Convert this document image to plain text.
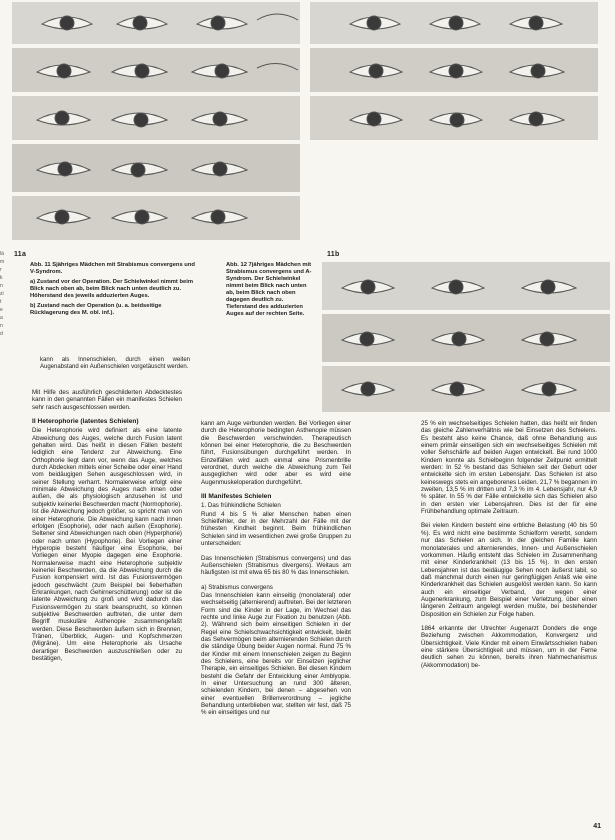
lä
m
r
k
n
zi
t
e
a
n
d
11a	11b

Abb. 11 Sjähriges Mädchen mit Strabismus convergens und V-Syndrom.

a) Zustand vor der Operation. Der Schielwinkel nimmt beim Blick nach oben ab, beim Blick nach unten deutlich zu. Höherstand des jeweils adduzierten Auges.

b) Zustand nach der Operation (u. a. beidseitige Rücklagerung des M. obl. inf.).

Abb. 12 7jähriges Mädchen mit Strabismus convergens und A-Syndrom. Der Schielwinkel nimmt beim Blick nach unten ab, beim Blick nach oben dagegen deutlich zu. Tieferstand des adduzierten Auges auf der rechten Seite.

kann als Innenschielen, durch einen weiten Augenabstand ein Außenschielen vorgetäuscht werden.

Mit Hilfe des ausführlich geschilderten Abdecktestes kann in den genannten Fällen ein manifestes Schielen sehr rasch ausgeschlossen werden.

II Heterophorie (latentes Schielen)

Die Heterophorie wird definiert als eine latente Abweichung des Auges, welche durch Fusion latent gehalten wird. Das heißt in diesen Fällen besteht lediglich eine Tendenz zur Abweichung. Eine Orthophorie liegt dann vor, wenn das Auge, welches durch Abdecken mittels einer Scheibe oder einer Hand vom beidäugigen Sehen ausgeschlossen wird, in seiner Stellung verharrt. Normalerweise erfolgt eine minimale Abweichung des Auges nach innen oder außen, die als physiologisch anzusehen ist und subjektiv keinerlei Beschwerden macht (Normophorie). Ist die Abweichung jedoch größer, so spricht man von einer Heterophorie. Die Abweichung kann nach innen erfolgen (Esophorie), oder nach außen (Exophorie). Seltener sind Abweichungen nach oben (Hyperphorie) oder nach unten (Hypophorie). Bei Vorliegen einer Hyperopie besteht häufiger eine Esophorie, bei Vorliegen einer Myopie dagegen eine Exophorie. Normalerweise macht eine Heterophorie subjektiv keinerlei Beschwerden, da die Abweichung durch die Fusion kompensiert wird. Ist das Fusionsvermögen jedoch geschwächt (zum Beispiel bei fieberhaften Erkrankungen, nach Gehirnerschütterung) oder ist die latente Abweichung zu groß und wird dadurch das Fusionsvermögen zu stark beansprucht, so können subjektive Beschwerden auftreten, die unter dem Begriff muskuläre Asthenopie zusammengefaßt werden. Diese Beschwerden äußern sich in Brennen, Tränen, Überblick, Augen- und Kopfschmerzen (Migräne). Um eine Heterophorie als Ursache derartiger Beschwerden auszuschließen oder zu bestätigen,

kann am Auge verbunden werden. Bei Vorliegen einer durch die Heterophorie bedingten Asthenopie müssen die Beschwerden verschwinden. Therapeutisch können bei einer Heterophorie, die zu Beschwerden führt, Fusionsübungen durchgeführt werden. In Einzelfällen wird auch einmal eine Prismenbrille verordnet, durch welche die Abweichung zum Teil ausgeglichen wird oder aber es wird eine Augenmuskeloperation durchgeführt.

III Manifestes Schielen
1. Das frühkindliche Schielen

Rund 4 bis 5 % aller Menschen haben einen Schielfehler, der in der Mehrzahl der Fälle mit der frühesten Kindheit beginnt. Beim frühkindlichen Schielen sind im wesentlichen zwei große Gruppen zu unterscheiden:

Das Innenschielen (Strabismus convergens) und das Außenschielen (Strabismus divergens). Weitaus am häufigsten ist mit etwa 65 bis 80 % das Innenschielen.

a) Strabismus convergens

Das Innenschielen kann einseitig (monolateral) oder wechselseitig (alternierend) auftreten. Bei der letzteren Form sind die Kinder in der Lage, im Wechsel das rechte und linke Auge zur Fixation zu benutzen (Abb. 2). Während sich beim einseitigen Schielen in der Regel eine Schielschwachsichtigkeit entwickelt, bleibt das Sehvermögen beim alternierenden Schielen durch die ständige Übung beider Augen normal. Rund 75 % der Kinder mit einem Innenschielen zeigen zu Beginn des Schielens, eine bereits vor Einsetzen jeglicher Therapie, ein einseitiges Schielen. Bei diesen Kindern besteht die Gefahr der Entwicklung einer Amblyopie. In einer Untersuchung an rund 300 älteren, schielenden Kindern, bei denen – abgesehen von einer eventuellen Brillenverordnung – jegliche Behandlung unterblieben war, stellten wir fest, daß 75 % ein einseitiges und nur

25 % ein wechselseitiges Schielen hatten, das heißt wir finden das gleiche Zahlenverhältnis wie bei Einsetzen des Schielens. Es besteht also keine Chance, daß ohne Behandlung aus einem primär einseitigen sich ein wechselseitiges Schielen mit voller Sehschärfe auf beiden Augen entwickelt. Bei rund 1000 Kindern konnte als Schielbeginn folgender Zeitpunkt ermittelt werden: In 52 % bestand das Schielen seit der Geburt oder entwickelte sich im ersten Lebensjahr. Das Schielen ist also keineswegs stets ein angeborenes Leiden. 21,7 % begannen im zweiten, 13,5 % im dritten und 7,3 % im 4. Lebensjahr, nur 4,9 % später. In 55 % der Fälle entwickelte sich das Schielen also in den ersten vier Lebensjahren. Dies ist der für eine Frühbehandlung optimale Zeitraum.

Bei vielen Kindern besteht eine erbliche Belastung (40 bis 50 %). Es wird nicht eine bestimmte Schielform vererbt, sondern nur das Schielen an sich. In der gleichen Familie kann monolaterales und alternierendes, Innen- und Außenschielen vorkommen. Häufig entsteht das Schielen im Zusammenhang mit einer Kinderkrankheit (13 bis 15 %). In den ersten Lebensjahren ist das beidäugige Sehen noch äußerst labil, so daß manchmal durch einen nur geringfügigen Anlaß wie eine Kinderkrankheit das Schielen ausgelöst werden kann. So kann auch ein einseitiger Verband, der wegen einer Augenerkrankung, zum Beispiel einer Verletzung, über einen längeren Zeitraum angelegt werden mußte, bei bestehender Disposition ein Schielen zur Folge haben.

1864 erkannte der Utrechter Augenarzt Donders die enge Beziehung zwischen Akkommodation, Konvergenz und Übersichtigkeit. Viele Kinder mit einem Einwärtsschielen haben eine stärkere Übersichtigkeit und müssen, um in der Ferne deutlich sehen zu können, bereits ihren Nahmechanismus (Akkommodation) be-

41
